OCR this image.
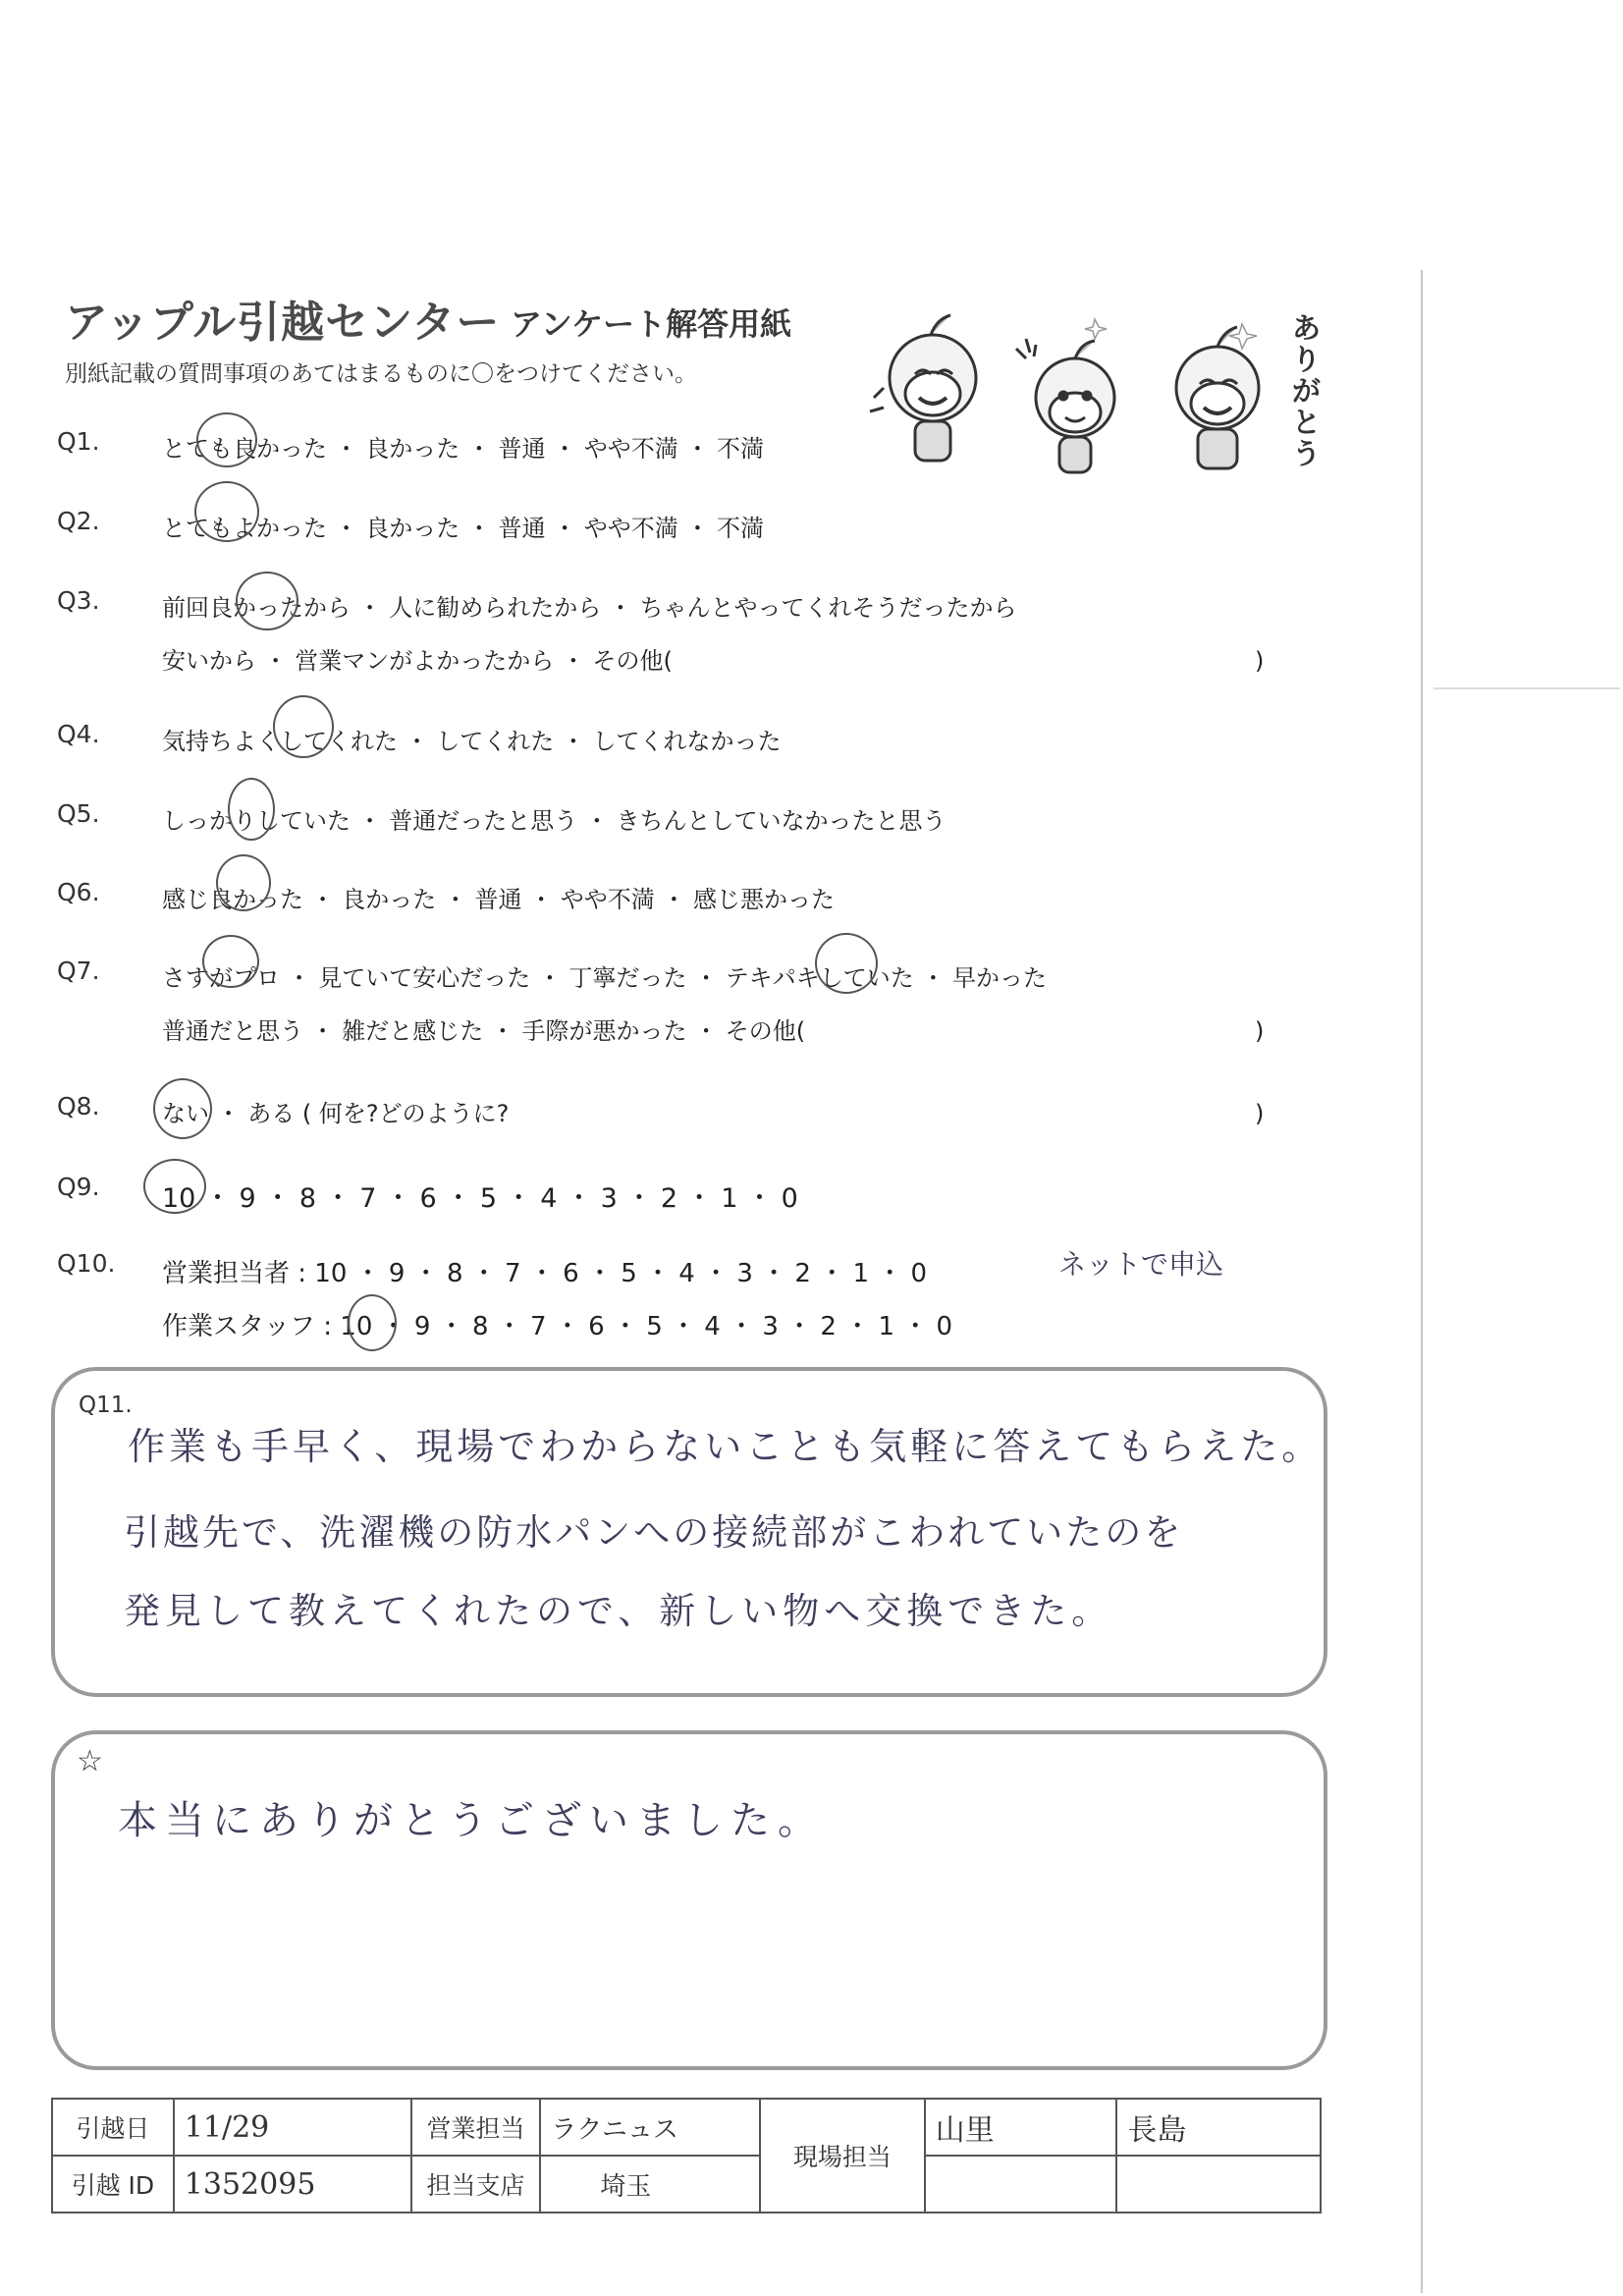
アップル引越センター アンケート解答用紙
別紙記載の質問事項のあてはまるものに〇をつけてください。
ありがとう
Q1.	とても良かった ・ 良かった ・ 普通 ・ やや不満 ・ 不満
Q2.	とてもよかった ・ 良かった ・ 普通 ・ やや不満 ・ 不満
Q3.	前回良かったから ・ 人に勧められたから ・ ちゃんとやってくれそうだったから
安いから ・ 営業マンがよかったから ・ その他(	)
Q4.	気持ちよくしてくれた ・ してくれた ・ してくれなかった
Q5.	しっかりしていた ・ 普通だったと思う ・ きちんとしていなかったと思う
Q6.	感じ良かった ・ 良かった ・ 普通 ・ やや不満 ・ 感じ悪かった
Q7.	さすがプロ ・ 見ていて安心だった ・ 丁寧だった ・ テキパキしていた ・ 早かった
普通だと思う ・ 雑だと感じた ・ 手際が悪かった ・ その他(	)
Q8.	ない ・ ある ( 何を?どのように?	)
Q9. 10 ・ 9 ・ 8 ・ 7 ・ 6 ・ 5 ・ 4 ・ 3 ・ 2 ・ 1 ・ 0
Q10. 営業担当者 : 10 ・ 9 ・ 8 ・ 7 ・ 6 ・ 5 ・ 4 ・ 3 ・ 2 ・ 1 ・ 0
作業スタッフ : 10 ・ 9 ・ 8 ・ 7 ・ 6 ・ 5 ・ 4 ・ 3 ・ 2 ・ 1 ・ 0
ネットで申込
Q11.
作業も手早く、現場でわからないことも気軽に答えてもらえた。
引越先で、洗濯機の防水パンへの接続部がこわれていたのを
発見して教えてくれたので、新しい物へ交換できた。
☆
本当にありがとうございました。
引越日	11/29	営業担当	ラクニュス	現場担当	山里	長島
引越 ID	1352095	担当支店	埼玉			
